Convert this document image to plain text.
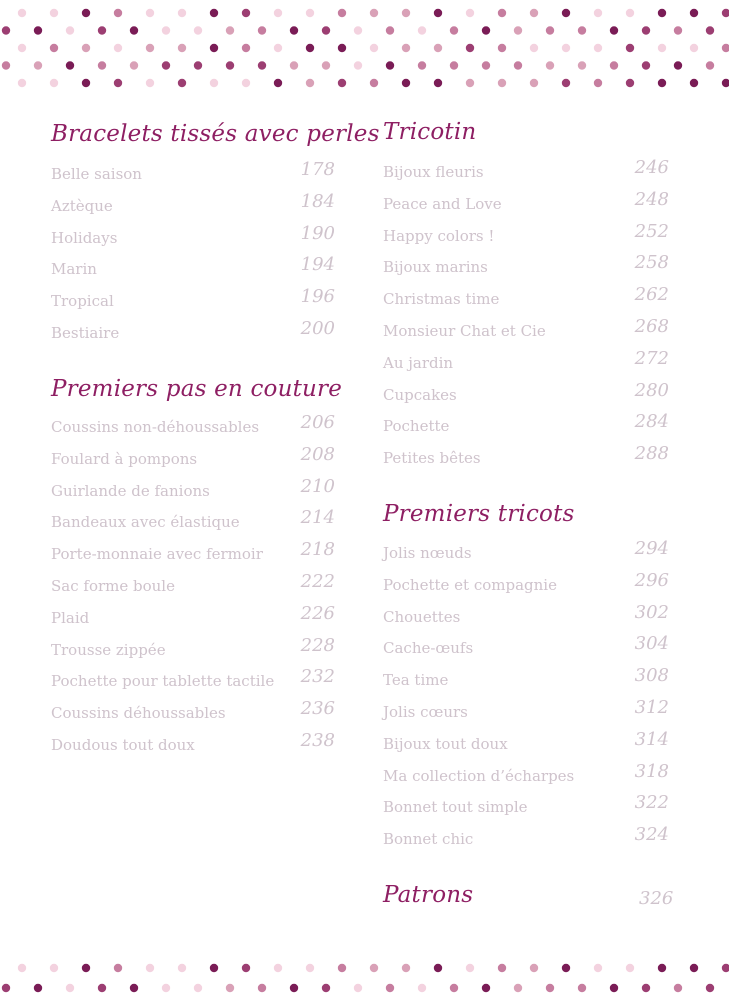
Bracelets tissés avec perles
Belle saison	178
Aztèque	184
Holidays	190
Marin	194
Tropical	196
Bestiaire	200
Premiers pas en couture
Coussins non-déhoussables 206
Foulard à pompons	208
Guirlande de fanions	210
Bandeaux avec élastique	214
Porte-monnaie avec fermoir 218
Sac forme boule	222
Plaid	226
Trousse zippée	228
Pochette pour tablette tactile 232
Coussins déhoussables	236
Doudous tout doux	238
Tricotin
Bijoux fleuris	246
Peace and Love	248
Happy colors !	252
Bijoux marins	258
Christmas time	262
Monsieur Chat et Cie	268
Au jardin	272
Cupcakes	280
Pochette	284
Petites bêtes	288
Premiers tricots
Jolis nœuds	294
Pochette et compagnie	296
Chouettes	302
Cache-œufs	304
Tea time	308
Jolis cœurs	312
Bijoux tout doux	314
Ma collection d’écharpes	318
Bonnet tout simple	322
Bonnet chic	324
Patrons	326
